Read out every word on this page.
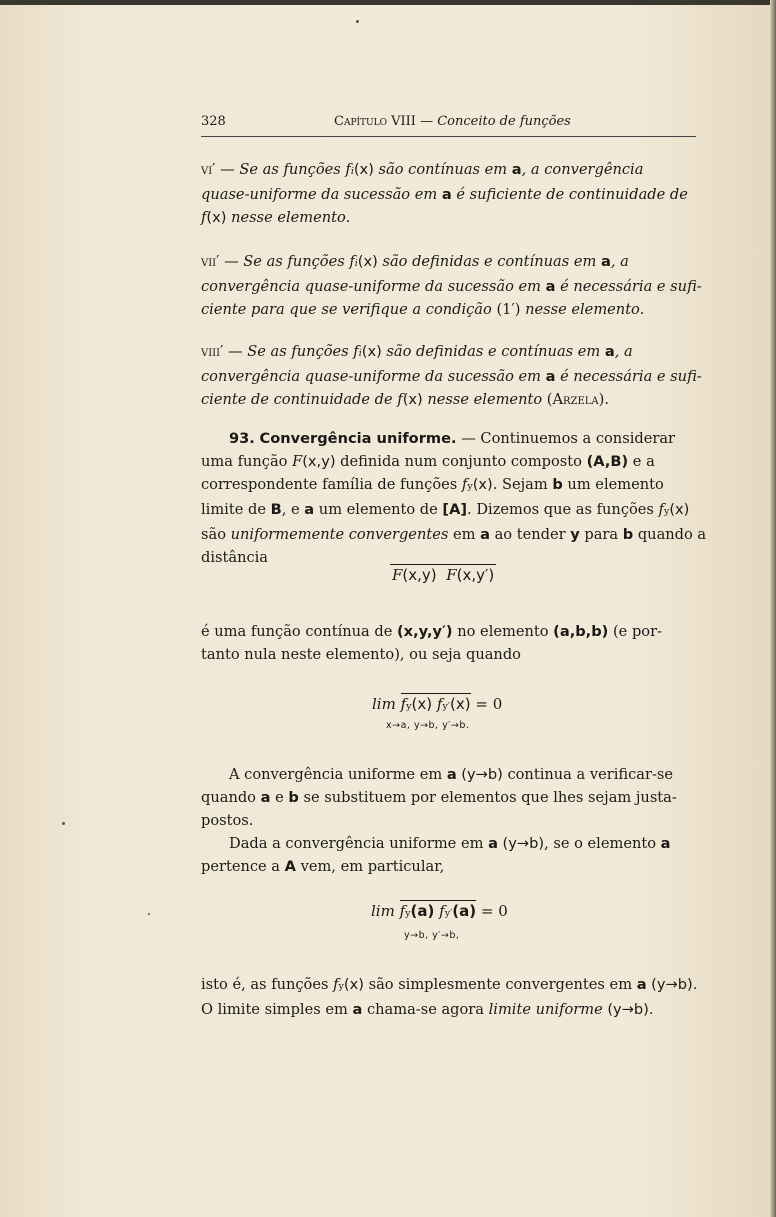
328	Capítulo VIII — Conceito de funções
vi′ — Se as funções fi(x) são contínuas em a, a convergência
quase-uniforme da sucessão em a é suficiente de continuidade de
f(x) nesse elemento.
vii′ — Se as funções fi(x) são definidas e contínuas em a, a
convergência quase-uniforme da sucessão em a é necessária e sufi-
ciente para que se verifique a condição (1′) nesse elemento.
viii′ — Se as funções fi(x) são definidas e contínuas em a, a
convergência quase-uniforme da sucessão em a é necessária e sufi-
ciente de continuidade de f(x) nesse elemento (Arzela).
93. Convergência uniforme. — Continuemos a considerar
uma função F(x,y) definida num conjunto composto (A,B) e a
correspondente família de funções fy(x). Sejam b um elemento
limite de B, e a um elemento de [A]. Dizemos que as funções fy(x)
são uniformemente convergentes em a ao tender y para b quando a
distância
F(x,y) F(x,y′)
é uma função contínua de (x,y,y′) no elemento (a,b,b) (e por-
tanto nula neste elemento), ou seja quando
lim fy(x) fy′(x) = 0
x→a, y→b, y′→b.
A convergência uniforme em a (y→b) continua a verificar-se
quando a e b se substituem por elementos que lhes sejam justa-
postos.
Dada a convergência uniforme em a (y→b), se o elemento a
pertence a A vem, em particular,
lim fy(a) fy′(a) = 0
y→b, y′→b,
isto é, as funções fy(x) são simplesmente convergentes em a (y→b).
O limite simples em a chama-se agora limite uniforme (y→b).
